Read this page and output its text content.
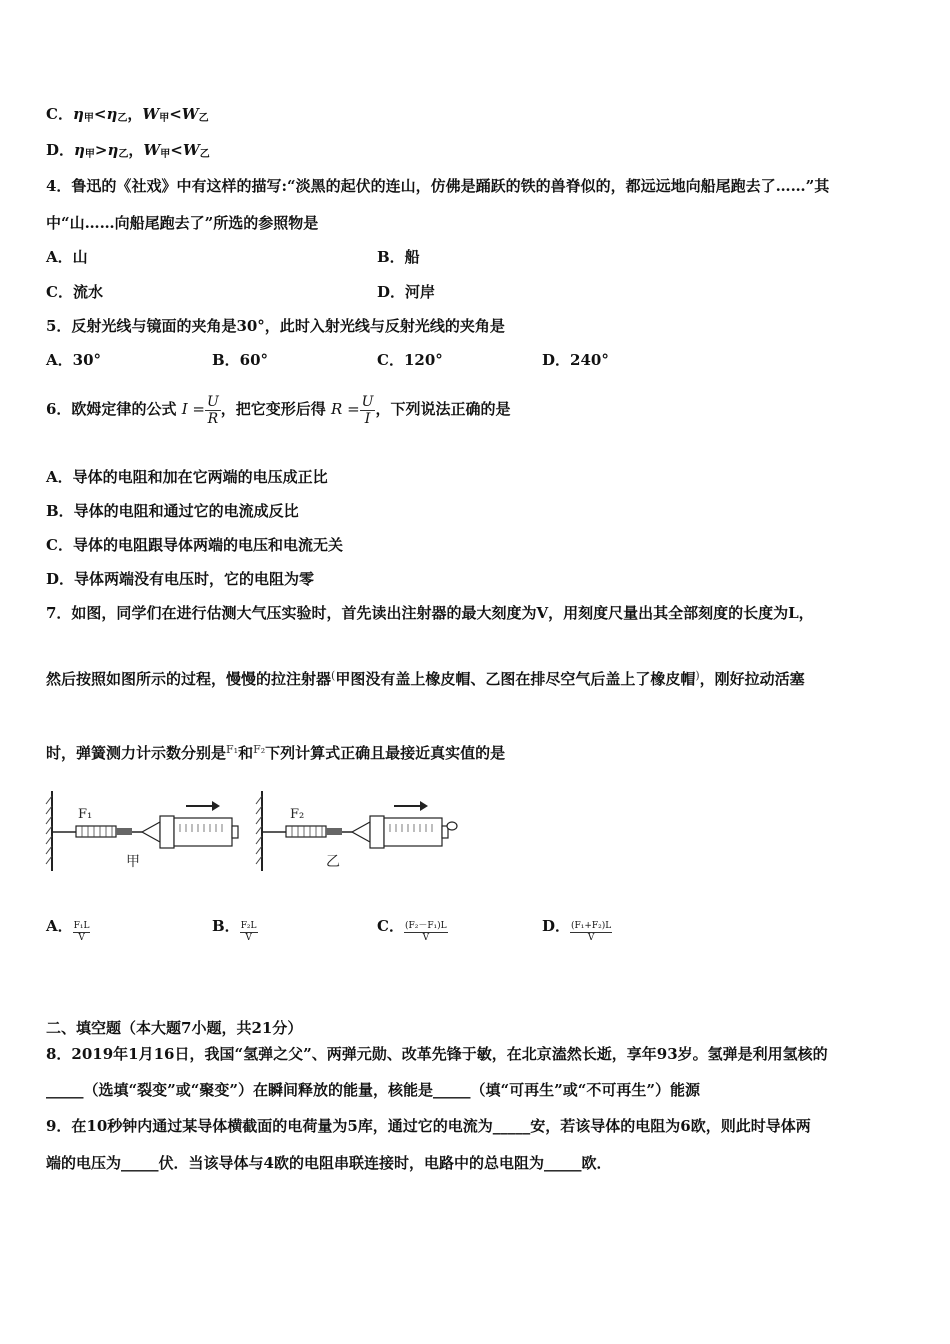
C．$\eta_甲<\eta_乙$，$W_甲<W_乙$
D．$\eta_甲>\eta_乙$，$W_甲<W_乙$
4．鲁迅的《社戏》中有这样的描写:“淡黑的起伏的连山，仿佛是踊跃的铁的兽脊似的，都远远地向船尾跑去了……”其
中“山……向船尾跑去了”所选的参照物是
A．山	B．船
C．流水	D．河岸
5．反射光线与镜面的夹角是30°，此时入射光线与反射光线的夹角是
A．30°	B．60°	C．120°	D．240°
6．欧姆定律的公式 $I = \frac{U}{R}$ ，把它变形后得 $R = \frac{U}{I}$ ，下列说法正确的是
A．导体的电阻和加在它两端的电压成正比
B．导体的电阻和通过它的电流成反比
C．导体的电阻跟导体两端的电压和电流无关
D．导体两端没有电压时，它的电阻为零
7．如图，同学们在进行估测大气压实验时，首先读出注射器的最大刻度为V，用刻度尺量出其全部刻度的长度为L，
然后按照如图所示的过程，慢慢的拉注射器(甲图没有盖上橡皮帽、乙图在排尽空气后盖上了橡皮帽)，刚好拉动活塞
时，弹簧测力计示数分别是$^{F_1}$和$^{F_2}$下列计算式正确且最接近真实值的是
F₁
甲
F₂
乙
A． $\frac{\text{F₁L}}{V}$	B． $\frac{\text{F₂L}}{V}$	C． $\frac{\text{(F₂－F₁)L}}{V}$	D． $\frac{\text{(F₁+F₂)L}}{V}$
二、填空题（本大题7小题，共21分）
8．2019年1月16日，我国“氢弹之父”、两弹元勋、改革先锋于敏，在北京溘然长逝，享年93岁。氢弹是利用氢核的
_____（选填“裂变”或“聚变”）在瞬间释放的能量，核能是_____（填“可再生”或“不可再生”）能源
9．在10秒钟内通过某导体横截面的电荷量为5库，通过它的电流为_____安，若该导体的电阻为6欧，则此时导体两
端的电压为_____伏．当该导体与4欧的电阻串联连接时，电路中的总电阻为_____欧．
